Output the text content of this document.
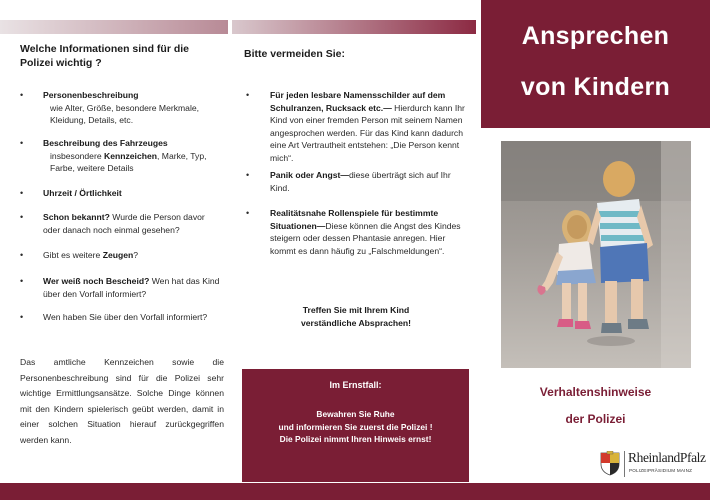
Welche Informationen sind für die Polizei wichtig ?
• Personenbeschreibung
wie Alter, Größe, besondere Merkmale, Kleidung, Details, etc.
• Beschreibung des Fahrzeuges
insbesondere Kennzeichen, Marke, Typ, Farbe, weitere Details
• Uhrzeit / Örtlichkeit
• Schon bekannt? Wurde die Person davor oder danach noch einmal gesehen?
• Gibt es weitere Zeugen?
• Wer weiß noch Bescheid? Wen hat das Kind über den Vorfall informiert?
• Wen haben Sie über den Vorfall informiert?
Das amtliche Kennzeichen sowie die Personenbeschreibung sind für die Polizei sehr wichtige Ermittlungsansätze. Solche Dinge können mit den Kindern spielerisch geübt werden, damit in einer solchen Situation hierauf zurückgegriffen werden kann.
Bitte vermeiden Sie:
• Für jeden lesbare Namensschilder auf dem Schulranzen, Rucksack etc.— Hierdurch kann Ihr Kind von einer fremden Person mit seinem Namen angesprochen werden. Für das Kind kann dadurch eine Art Vertrautheit entstehen: „Die Person kennt mich“.
• Panik oder Angst—diese überträgt sich auf Ihr Kind.
• Realitätsnahe Rollenspiele für bestimmte Situationen—Diese können die Angst des Kindes steigern oder dessen Phantasie anregen. Hier kommt es dann häufig zu „Falschmeldungen“.
Treffen Sie mit Ihrem Kind
verständliche Absprachen!
Im Ernstfall:
Bewahren Sie Ruhe
und informieren Sie zuerst die Polizei !
Die Polizei nimmt Ihren Hinweis ernst!
Ansprechen
von Kindern
Verhaltenshinweise
der Polizei
RheinlandPfalz
POLIZEIPRÄSIDIUM MAINZ
